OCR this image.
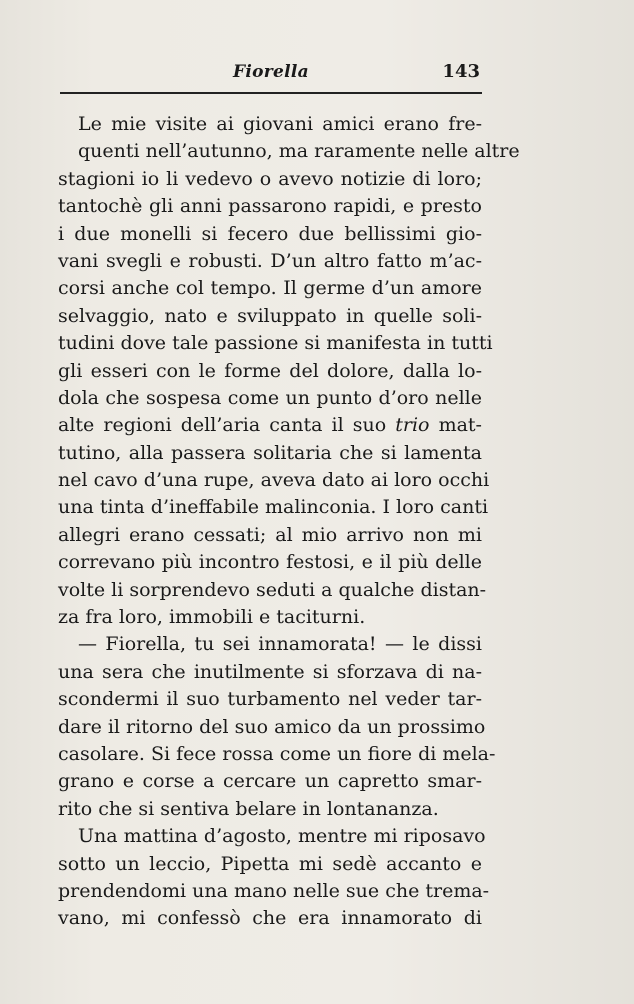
Fiorella	143
Le mie visite ai giovani amici erano fre-
quenti nell’autunno, ma raramente nelle altre
stagioni io li vedevo o avevo notizie di loro;
tantochè gli anni passarono rapidi, e presto
i due monelli si fecero due bellissimi gio-
vani svegli e robusti. D’un altro fatto m’ac-
corsi anche col tempo. Il germe d’un amore
selvaggio, nato e sviluppato in quelle soli-
tudini dove tale passione si manifesta in tutti
gli esseri con le forme del dolore, dalla lo-
dola che sospesa come un punto d’oro nelle
alte regioni dell’aria canta il suo trio mat-
tutino, alla passera solitaria che si lamenta
nel cavo d’una rupe, aveva dato ai loro occhi
una tinta d’ineffabile malinconia. I loro canti
allegri erano cessati; al mio arrivo non mi
correvano più incontro festosi, e il più delle
volte li sorprendevo seduti a qualche distan-
za fra loro, immobili e taciturni.
— Fiorella, tu sei innamorata! — le dissi
una sera che inutilmente si sforzava di na-
scondermi il suo turbamento nel veder tar-
dare il ritorno del suo amico da un prossimo
casolare. Si fece rossa come un fiore di mela-
grano e corse a cercare un capretto smar-
rito che si sentiva belare in lontananza.
Una mattina d’agosto, mentre mi riposavo
sotto un leccio, Pipetta mi sedè accanto e
prendendomi una mano nelle sue che trema-
vano, mi confessò che era innamorato di
